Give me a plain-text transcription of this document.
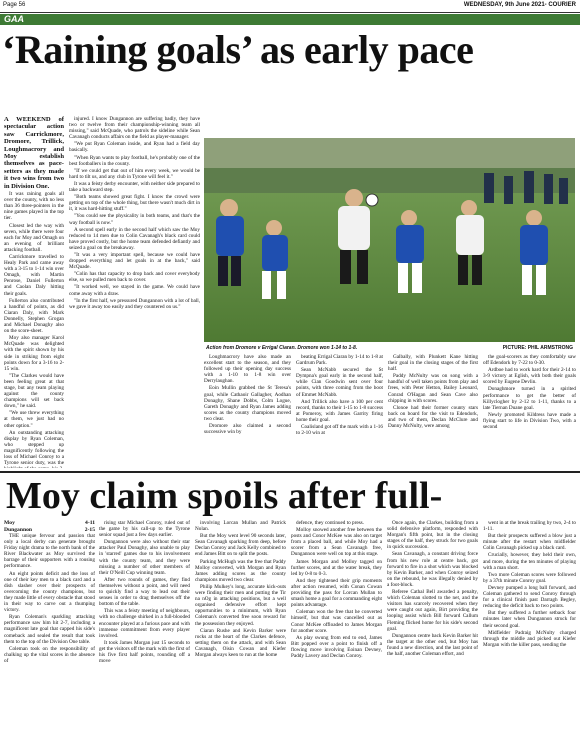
Page 56	WEDNESDAY, 9th June 2021- COURIER
GAA
‘Raining goals’ as early pace

A WEEKEND of spectacular action saw Carrickmore, Dromore, Trillick, Loughmacrory and Moy establish themselves as pace-setters as they made it two wins from two in Division One.

It was raining goals all over the county, with no less than 36 three-pointers in the nine games played in the top tier.

Closest led the way with seven, while there were four each for Moy and Omagh on an evening of brilliant attacking football.

Carrickmore travelled to Healy Park and came away with a 3-15 to 1-14 win over Omagh, with Martin Penrose, Daniel Fullerton and Caolan Daly hitting their goals.

Fullerton also contributed a handful of points, as did Ciaran Daly, with Mark Donnelly, Stephen Grogan and Michael Donaghy also on the score-sheet.

Moy also manager Karol McQuade was delighted with the spirit shown by his side in striking from eight points down for a 3-16 to 2-15 win.

"The Clarkes would have been feeling great at that stage, but any team playing against the county champions will set back down," he said.

"We use threw everything at them, we just had no other option."

An outstanding attacking display by Ryan Coleman, who stepped up magnificently following the loss of Michael Conroy to a Tyrone senior duty, was the

injured. I know Dungannon are suffering badly, they have two or twelve from their championship-winning team all missing," said McQuade, who patrols the sideline while Sean Cavanagh conducts affairs on the field as player-manager.

"We put Ryan Coleman inside, and Ryan had a field day basically.

"When Ryan wants to play football, he's probably one of the best footballers in the county.

"If we could get that out of him every week, we would be hard to tilt us, and any club in Tyrone will feel it."

It was a feisty derby encounter, with neither side prepared to take a backward step.

"Both teams showed great fight. I know the crowd were getting on top of the whole thing, but there wasn't much dirt in it, it was hard-hitting stuff."

"You could see the physicality in both teams, and that's the way football is now."

A second spell early in the second half which saw the Moy reduced to 14 men due to Colin Cavanagh's black card could have proved costly, but the home team defended defiantly and seized a goal on the breakaway.

"It was a very important spell, because we could have dropped everything and let goals in at the back," said McQuade.

"Colin has that capacity to drop back and cover everybody else, so we pulled men back to cover.

"It worked well, we stayed in the game. We could have come away with a draw.

"In the first half, we pressured Dungannon with a lot of ball, we gave it away too easily and they countered on us."

Action from Dromore v Errigal Ciaran. Dromore won 1-14 to 1-8.	PICTURE: PHIL ARMSTRONG

Loughmacrory have also made an excellent start to the season, and they followed up their opening day success with a 1-10 to 1-8 win over Derrylaughan.

Eoin Mullin grabbed the St Teresa's goal, while Cathaoir Gallagher, Aodhan Donaghy, Shane Dobbs, Colm Logue, Gareth Donaghy and Ryan James adding scores as the county champions moved two clear.

Dromore also claimed a second successive win by

beating Errigal Ciaran by 1-14 to 1-8 at Gardrum Park.

Sean McNabb secured the St Dympna's goal early in the second half, while Cian Goodwin sent over four points, with three coming from the boot of Emmet McNabb.

And Trillick also have a 100 per cent record, thanks to their 1-15 to 1-8 success at Pomeroy, with James Garrity firing home their goal.

Coalisland got off the mark with a 1-16 to 2-10 win at

Galbally, with Plunkett Kane hitting their goal in the closing stages of the first half.

Paddy McNulty was on song with a handful of well taken points from play and frees, with Peter Hetton, Bailey Leonard, Conrad O'Hagan and Sean Cave also chipping in with scores.

Clonoe had their former county stars back on board for the visit to Edendork, and two of them, Declan McClure and Danny McNulty, were among

the goal-scorers as they comfortably saw off Edendork by 7-22 to 0-30.

Ardboe had to work hard for their 2-14 to 3-9 victory at Eglish, with both their goals scored by Eugene Devlin.

Donaghmore turned in a spirited performance to get the better of Killyclogher by 2-12 to 1-11, thanks to a late Tiernan Duane goal.

Newly promoted Kildress have made a flying start to life in Division Two, with a second

Moy claim spoils after full-
Moy	4-11
Dungannon	2-15

THE unique fervour and passion that only a local derby can generate brought Friday night drama to the north bank of the River Blackwater as Moy survived the barrage of their supporters with a rousing performance.

An eight points deficit and the loss of one of their key men to a black card and a dish slasher over their prospects of overcoming the county champions, but they made little of every obstacle that stood in their way to carve out a thumping victory.

Ryan Coleman's sparkling attacking performance saw him hit 2-7, including a magnificent late goal that capped his side's comeback and sealed the result that took them to the top of the Division One table.

Coleman took on the responsibility of chalking up the vital scores in the absence of

rising star Michael Conroy, ruled out of the game by his call-up to the Tyrone senior squad just a few days earlier.

Dungannon were also without their star attacker Paul Donaghy, also unable to play in 'starred' games due to his involvement with the county team, and they were missing a number of other members of their O'Neill Cup winning team.

After two rounds of games, they find themselves without a point, and will need to quickly find a way to lead out their senses in order to drag themselves off the bottom of the table.

This was a feisty meeting of neighbours, with no challenge shirked in a full-blooded encounter played at a furious pace and with immense commitment from every player involved.

It took James Morgan just 15 seconds to get the visitors off the mark with the first of his five first half points, rounding off a move

involving Lorcan Mullan and Patrick Nolan.

But the Moy went level 90 seconds later, Sean Cavanagh sparking from deep, before Declan Conroy and Jack Kelly combined to end James Bitt on to split the posts.

Parking McHugh was the free that Paddy Molloy converted, with Morgan and Ryan James adding scores as the county champions moved two clear.

Philip Mulkey's long, accurate kick-outs were finding their men and putting the Tir na nOg in attacking positions, but a well organised defensive effort kept opportunities to a minimum, with Ryan Coleman's converted free soon reward for the possession they enjoyed.

Ciaran Rushe and Kevin Barker were rocks at the heart of the Clarkes defence, setting them on the attack, and with Sean Cavanagh, Oisin Cowan and Kiefer Morgan always keen to run at the home

defence, they continued to press.

Molloy snowed another free between the posts and Conor McKee was also on target from a placed ball, and while Moy had a scorer from a Sean Cavanagh free, Dungannon were well on top at this stage.

James Morgan and Molloy tagged on further scores, and at the water break, they led by 0-8 to 0-3.

And they tightened their grip moments after action resumed, with Conan Cowan providing the pass for Lorcan Mullan to smash home a goal for a commanding eight points advantage.

Coleman won the free that he converted himself, but that was cancelled out as Conor McKee offloaded to James Morgan for another score.

As play swung from end to end, James Bitt popped over a point to finish off a flowing move involving Eoinan Devney, Paddy Lavery and Declan Conroy.

Once again, the Clarkes, building from a solid defensive platform, responded with Morgan's fifth point, but in the closing stages of the half, they struck for two goals in quick succession.

Sean Cavanagh, a constant driving force from his new role at centre back, got forward to fire in a shot which was blocked by Kevin Barker, and when Conroy seized on the rebound, he was illegally denied by a foot-block.

Referee Cathal Bell awarded a penalty, which Coleman slotted to the net, and the visitors has scarcely recovered when they were caught out again, Birt providing the looping assist which Bill forward Callum Fleming flicked home for his side's second goal.

Dungannon centre back Kevin Barker hit the target at the other end, but Moy has found a new direction, and the last point of the half, another Coleman effort, and

went in at the break trailing by two, 2-4 to 1-11.

But their prospects suffered a blow just a minute after the restart when midfielder Colin Cavanagh picked up a black card.

Crucially, however, they held their own, and more, during the ten minutes of playing with a man short.

Two more Coleman scores were followed by a 37th minute Conroy goal.

Devney pumped a long ball forward, and Coleman gathered to send Conroy through for a clinical finish past Darragh Begley, reducing the deficit back to two points.

But they suffered a further setback four minutes later when Dungannon struck for their second goal.

Midfielder Padraig McNulty charged through the middle and picked out Kiefer Morgan with the killer pass, sending the
